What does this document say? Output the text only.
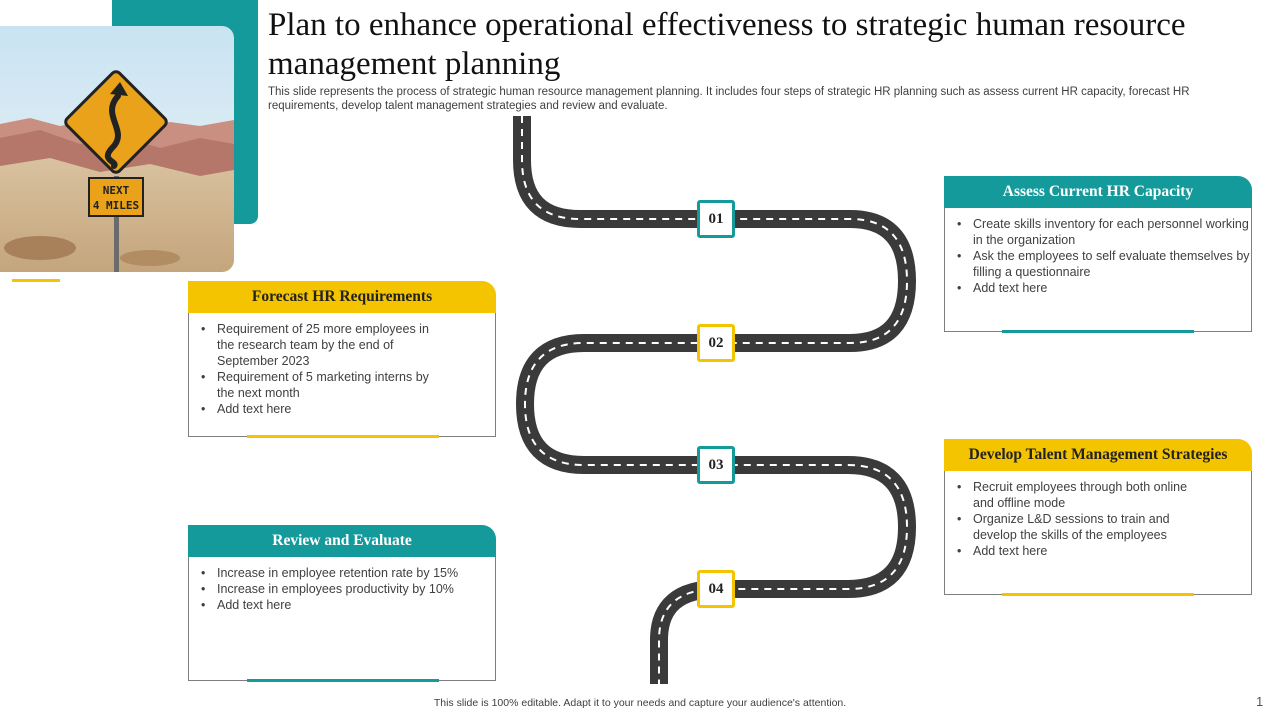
NEXT
4 MILES
Plan to enhance operational effectiveness to strategic human resource management planning

This slide represents the process of strategic human resource management planning. It includes four steps of strategic HR planning such as assess current HR capacity, forecast HR requirements, develop talent management strategies and review and evaluate.

01
02
03
04
Assess Current HR Capacity
• Create skills inventory for each personnel working in the organization
• Ask the employees to self evaluate themselves by filling a questionnaire
• Add text here
Forecast HR Requirements
• Requirement of 25 more employees in the research team by the end of September 2023
• Requirement of 5 marketing interns by the next month
• Add text here
Develop Talent Management Strategies
• Recruit employees through both online and offline mode
• Organize L&D sessions to train and develop the skills of the employees
• Add text here
Review and Evaluate
• Increase in employee retention rate by 15%
• Increase in employees productivity by 10%
• Add text here

This slide is 100% editable. Adapt it to your needs and capture your audience's attention.	1
